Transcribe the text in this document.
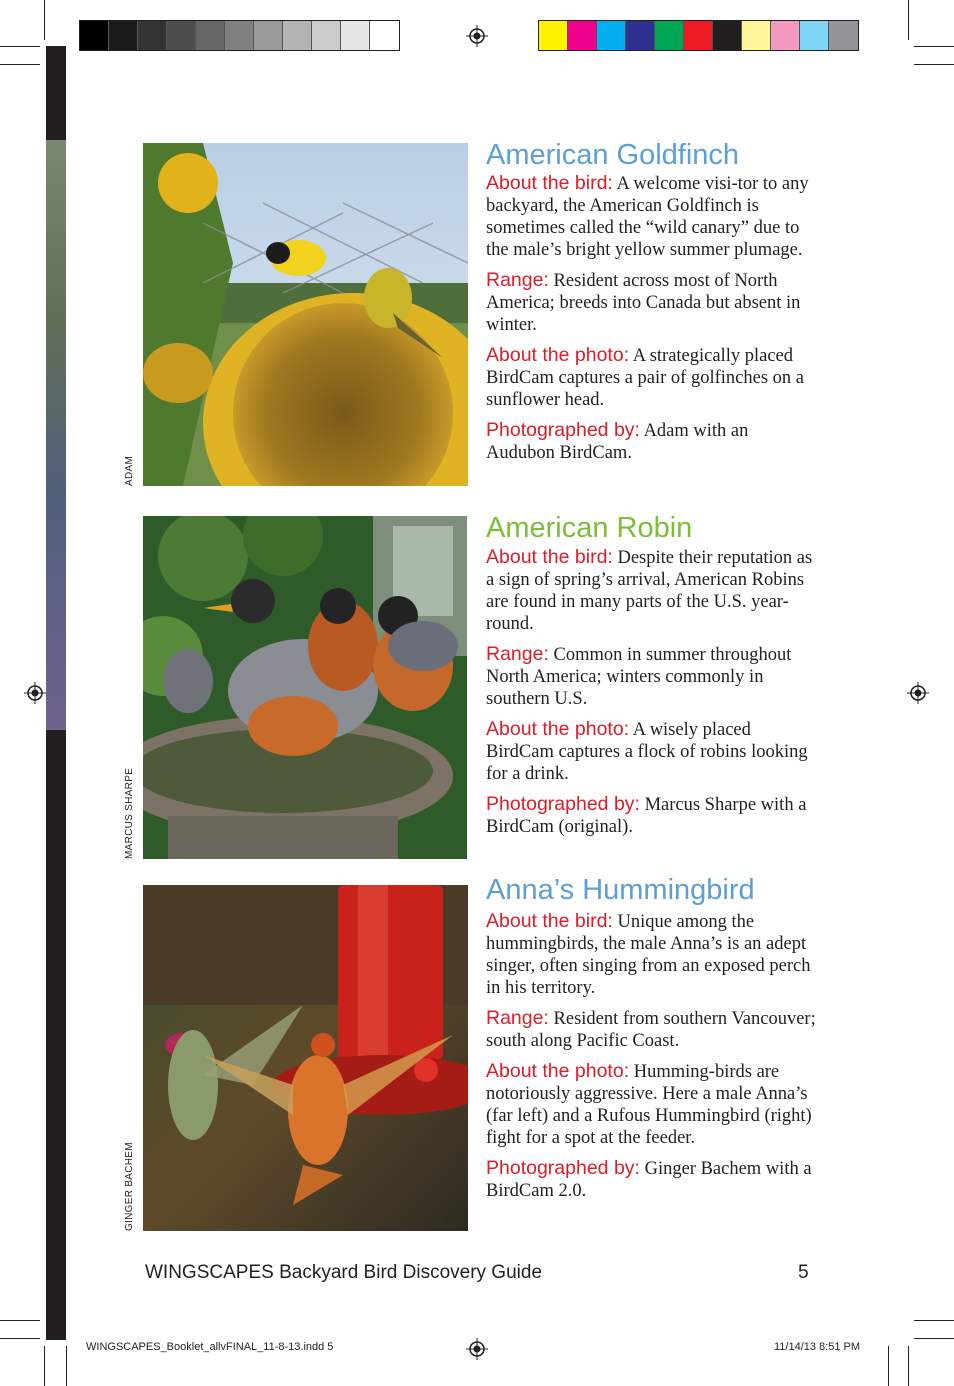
ADAM
American Goldfinch

About the bird: A welcome visi-tor to any backyard, the American Goldfinch is sometimes called the “wild canary” due to the male’s bright yellow summer plumage.

Range: Resident across most of North America; breeds into Canada but absent in winter.

About the photo: A strategically placed BirdCam captures a pair of golfinches on a sunflower head.

Photographed by: Adam with an Audubon BirdCam.

MARCUS SHARPE
American Robin

About the bird: Despite their reputation as a sign of spring’s arrival, American Robins are found in many parts of the U.S. year-round.

Range: Common in summer throughout North America; winters commonly in southern U.S.

About the photo: A wisely placed BirdCam captures a flock of robins looking for a drink.

Photographed by: Marcus Sharpe with a BirdCam (original).

GINGER BACHEM
Anna’s Hummingbird

About the bird: Unique among the hummingbirds, the male Anna’s is an adept singer, often singing from an exposed perch in his territory.

Range: Resident from southern Vancouver; south along Pacific Coast.

About the photo: Humming-birds are notoriously aggressive. Here a male Anna’s (far left) and a Rufous Hummingbird (right) fight for a spot at the feeder.

Photographed by: Ginger Bachem with a BirdCam 2.0.

WINGSCAPES Backyard Bird Discovery Guide	5
WINGSCAPES_Booklet_allvFINAL_11-8-13.indd 5	11/14/13 8:51 PM
